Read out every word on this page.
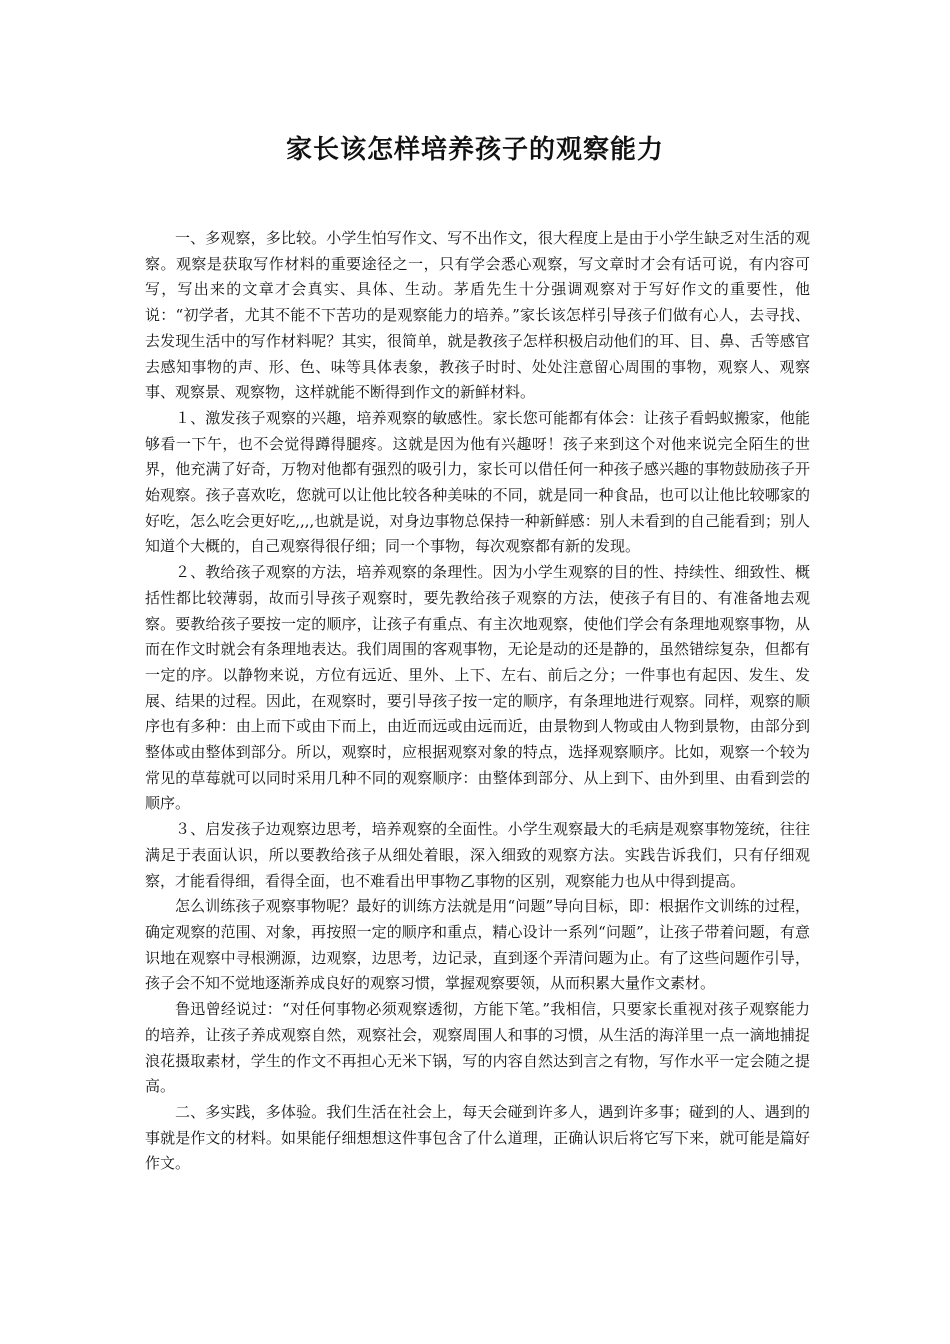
家长该怎样培养孩子的观察能力

一、多观察，多比较。小学生怕写作文、写不出作文，很大程度上是由于小学生缺乏对生活的观察。观察是获取写作材料的重要途径之一，只有学会悉心观察，写文章时才会有话可说，有内容可写，写出来的文章才会真实、具体、生动。茅盾先生十分强调观察对于写好作文的重要性，他说：“初学者，尤其不能不下苦功的是观察能力的培养。”家长该怎样引导孩子们做有心人，去寻找、去发现生活中的写作材料呢？其实，很简单，就是教孩子怎样积极启动他们的耳、目、鼻、舌等感官去感知事物的声、形、色、味等具体表象，教孩子时时、处处注意留心周围的事物，观察人、观察事、观察景、观察物，这样就能不断得到作文的新鲜材料。

１、激发孩子观察的兴趣，培养观察的敏感性。家长您可能都有体会：让孩子看蚂蚁搬家，他能够看一下午，也不会觉得蹲得腿疼。这就是因为他有兴趣呀！孩子来到这个对他来说完全陌生的世界，他充满了好奇，万物对他都有强烈的吸引力，家长可以借任何一种孩子感兴趣的事物鼓励孩子开始观察。孩子喜欢吃，您就可以让他比较各种美味的不同，就是同一种食品，也可以让他比较哪家的好吃，怎么吃会更好吃,,,,也就是说，对身边事物总保持一种新鲜感：别人未看到的自己能看到；别人知道个大概的，自己观察得很仔细；同一个事物，每次观察都有新的发现。

２、教给孩子观察的方法，培养观察的条理性。因为小学生观察的目的性、持续性、细致性、概括性都比较薄弱，故而引导孩子观察时，要先教给孩子观察的方法，使孩子有目的、有准备地去观察。要教给孩子要按一定的顺序，让孩子有重点、有主次地观察，使他们学会有条理地观察事物，从而在作文时就会有条理地表达。我们周围的客观事物，无论是动的还是静的，虽然错综复杂，但都有一定的序。以静物来说，方位有远近、里外、上下、左右、前后之分；一件事也有起因、发生、发展、结果的过程。因此，在观察时，要引导孩子按一定的顺序，有条理地进行观察。同样，观察的顺序也有多种：由上而下或由下而上，由近而远或由远而近，由景物到人物或由人物到景物，由部分到整体或由整体到部分。所以，观察时，应根据观察对象的特点，选择观察顺序。比如，观察一个较为常见的草莓就可以同时采用几种不同的观察顺序：由整体到部分、从上到下、由外到里、由看到尝的顺序。

３、启发孩子边观察边思考，培养观察的全面性。小学生观察最大的毛病是观察事物笼统，往往满足于表面认识，所以要教给孩子从细处着眼，深入细致的观察方法。实践告诉我们，只有仔细观察，才能看得细，看得全面，也不难看出甲事物乙事物的区别，观察能力也从中得到提高。

怎么训练孩子观察事物呢？最好的训练方法就是用“问题”导向目标，即：根据作文训练的过程，确定观察的范围、对象，再按照一定的顺序和重点，精心设计一系列“问题”，让孩子带着问题，有意识地在观察中寻根溯源，边观察，边思考，边记录，直到逐个弄清问题为止。有了这些问题作引导，孩子会不知不觉地逐渐养成良好的观察习惯，掌握观察要领，从而积累大量作文素材。

鲁迅曾经说过：“对任何事物必须观察透彻，方能下笔。”我相信，只要家长重视对孩子观察能力的培养，让孩子养成观察自然，观察社会，观察周围人和事的习惯，从生活的海洋里一点一滴地捕捉浪花摄取素材，学生的作文不再担心无米下锅，写的内容自然达到言之有物，写作水平一定会随之提高。

二、多实践，多体验。我们生活在社会上，每天会碰到许多人，遇到许多事；碰到的人、遇到的事就是作文的材料。如果能仔细想想这件事包含了什么道理，正确认识后将它写下来，就可能是篇好作文。
